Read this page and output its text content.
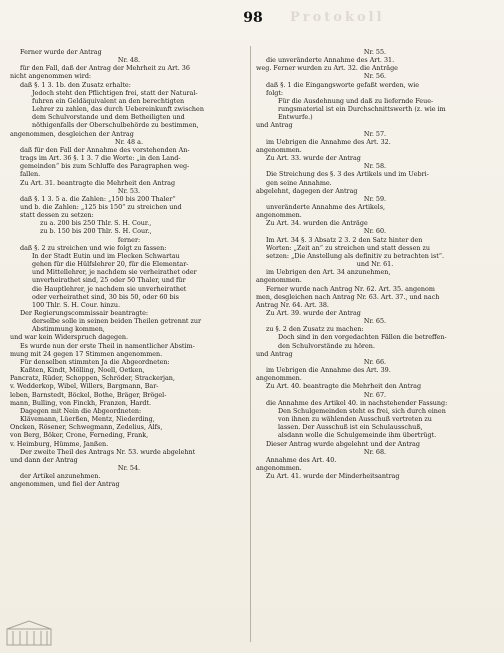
Protokoll
98
Ferner wurde der Antrag
Nr. 48.
für den Fall, daß der Antrag der Mehrheit zu Art. 36
nicht angenommen wird:
daß §. 1 3. 1b. den Zusatz erhalte:
Jedoch steht den Pflichtigen frei, statt der Natural-
fuhren ein Geldäquivalent an den berechtigten
Lehrer zu zahlen, das durch Uebereinkunft zwischen
dem Schulvorstande und dem Betheiligten und
nöthigenfalls der Oberschulbehörde zu bestimmen,
angenommen, desgleichen der Antrag
Nr. 48 a.
daß für den Fall der Annahme des vorstehenden An-
trags im Art. 36 §. 1 3. 7 die Worte: „in den Land-
gemeinden“ bis zum Schluffe des Paragraphen weg-
fallen.
Zu Art. 31. beantragte die Mehrheit den Antrag
Nr. 53.
daß §. 1 3. 5 a. die Zahlen: „150 bis 200 Thaler“
und b. die Zahlen: „125 bis 150“ zu streichen und
statt dessen zu setzen:
zu a. 200 bis 250 Thlr. S. H. Cour.,
zu b. 150 bis 200 Thlr. S. H. Cour.,
ferner:
daß §. 2 zu streichen und wie folgt zu fassen:
In der Stadt Eutin und im Flecken Schwartau
gehen für die Hülfslehrer 20, für die Elementar-
und Mittellehrer, je nachdem sie verheirathet oder
unverheirathet sind, 25 oder 50 Thaler, und für
die Hauptlehrer, je nachdem sie unverheirathet
oder verheirathet sind, 30 bis 50, oder 60 bis
100 Thlr. S. H. Cour. hinzu.
Der Regierungscommissair beantragte:
derselbe solle in seinen beiden Theilen getrennt zur
Abstimmung kommen,
und war kein Widerspruch dagegen.
Es wurde nun der erste Theil in namentlicher Abstim-
mung mit 24 gegen 17 Stimmen angenommen.
Für denselben stimmten Ja die Abgeordneten:
Kaßten, Kindt, Mölling, Noell, Oetken,
Pancratz, Rüder, Schoppen, Schröder, Strackerjan,
v. Wedderkop, Wibel, Willers, Bargmann, Bar-
leben, Barnstedt, Böckel, Bothe, Bräger, Brögel-
mann, Bulling, von Finckh, Franzen, Hardt.
Dagegen mit Nein die Abgeordneten:
Klävemann, Lüerßen, Mentz, Niederding,
Oncken, Rösener, Schwegmann, Zedelius, Alfs,
von Berg, Böker, Crone, Ferneding, Frank,
v. Heimburg, Hümme, Janßen.
Der zweite Theil des Antrags Nr. 53. wurde abgelehnt
und dann der Antrag
Nr. 54.
der Artikel anzunehmen.
angenommen, und fiel der Antrag
Nr. 55.
die unveränderte Annahme des Art. 31.
weg. Ferner wurden zu Art. 32. die Anträge
Nr. 56.
daß §. 1 die Eingangsworte gefaßt werden, wie
folgt:
Für die Ausdehnung und daß zu liefernde Feue-
rungsmaterial ist ein Durchschnittswerth (z. wie im
Entwurfe.)
und Antrag
Nr. 57.
im Uebrigen die Annahme des Art. 32.
angenommen.
Zu Art. 33. wurde der Antrag
Nr. 58.
Die Streichung des §. 3 des Artikels und im Uebri-
gen seine Annahme.
abgelehnt, dagegen der Antrag
Nr. 59.
unveränderte Annahme des Artikels,
angenommen.
Zu Art. 34. wurden die Anträge
Nr. 60.
Im Art. 34 §. 3 Absatz 2 3. 2 den Satz hinter den
Worten: „Zeit an“ zu streichen und statt dessen zu
setzen: „Die Anstellung als definitiv zu betrachten ist“.
und Nr. 61.
im Uebrigen den Art. 34 anzunehmen,
angenommen.
Ferner wurde nach Antrag Nr. 62. Art. 35. angenom
men, desgleichen nach Antrag Nr. 63. Art. 37., und nach
Antrag Nr. 64. Art. 38.
Zu Art. 39. wurde der Antrag
Nr. 65.
zu §. 2 den Zusatz zu machen:
Doch sind in den vorgedachten Fällen die betreffen-
den Schulvorstände zu hören.
und Antrag
Nr. 66.
im Uebrigen die Annahme des Art. 39.
angenommen.
Zu Art. 40. beantragte die Mehrheit den Antrag
Nr. 67.
die Annahme des Artikel 40. in nachstehender Fassung:
Den Schulgemeinden steht es frei, sich durch einen
von ihnen zu wählenden Ausschuß vertreten zu
lassen. Der Ausschuß ist ein Schulausschuß,
alsdann wolle die Schulgemeinde ihm übertrügt.
Dieser Antrag wurde abgelehnt und der Antrag
Nr. 68.
Annahme des Art. 40.
angenommen.
Zu Art. 41. wurde der Minderheitsantrag
